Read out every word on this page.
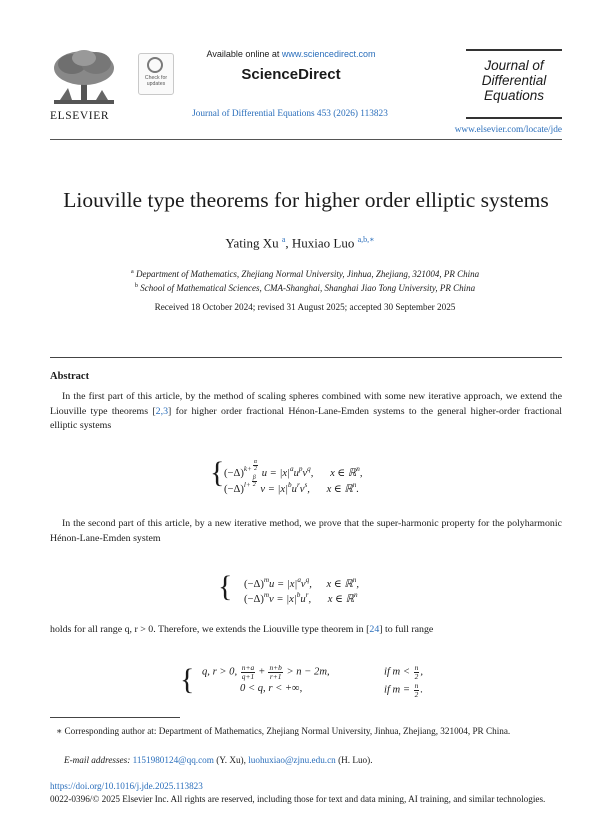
ELSEVIER
Check for updates
Available online at www.sciencedirect.com
ScienceDirect
Journal of Differential Equations 453 (2026) 113823
Journal of
Differential
Equations
www.elsevier.com/locate/jde
Liouville type theorems for higher order elliptic systems
Yating Xu $^a$, Huxiao Luo $^{a,b,∗}$
$^a$ Department of Mathematics, Zhejiang Normal University, Jinhua, Zhejiang, 321004, PR China
$^b$ School of Mathematical Sciences, CMA-Shanghai, Shanghai Jiao Tong University, PR China
Received 18 October 2024; revised 31 August 2025; accepted 30 September 2025
Abstract
In the first part of this article, by the method of scaling spheres combined with some new iterative approach, we extend the Liouville type theorems [2,3] for higher order fractional Hénon-Lane-Emden systems to the general higher-order fractional elliptic systems
{ $(-\Delta)^{k+} \frac{\alpha}{2}$
$u = |x|^au^pv^q$, x ∈ ℝ$^n$,
$(-\Delta)^{l+} \frac{\beta}{2}$
$v = |x|^bu^rv^s$, x ∈ ℝ$^n$.
In the second part of this article, by a new iterative method, we prove that the super-harmonic property for the polyharmonic Hénon-Lane-Emden system
{ $(-\Delta)^mu = |x|^av^q$, x ∈ ℝ$^n$,
$(-\Delta)^mv = |x|^bu^r$, x ∈ ℝ$^n$
holds for all range q, r > 0. Therefore, we extends the Liouville type theorem in [24] to full range
{ q, r > 0, $\frac{n+a}{q+1} + \frac{n+b}{r+1} > n - 2m$,	if $m < \frac{n}{2}$ ,
0 < q, r < +∞,	if $m = \frac{n}{2}$ .
∗ Corresponding author at: Department of Mathematics, Zhejiang Normal University, Jinhua, Zhejiang, 321004, PR China.
E-mail addresses: 1151980124@qq.com (Y. Xu), luohuxiao@zjnu.edu.cn (H. Luo).
https://doi.org/10.1016/j.jde.2025.113823
0022-0396/© 2025 Elsevier Inc. All rights are reserved, including those for text and data mining, AI training, and similar technologies.
